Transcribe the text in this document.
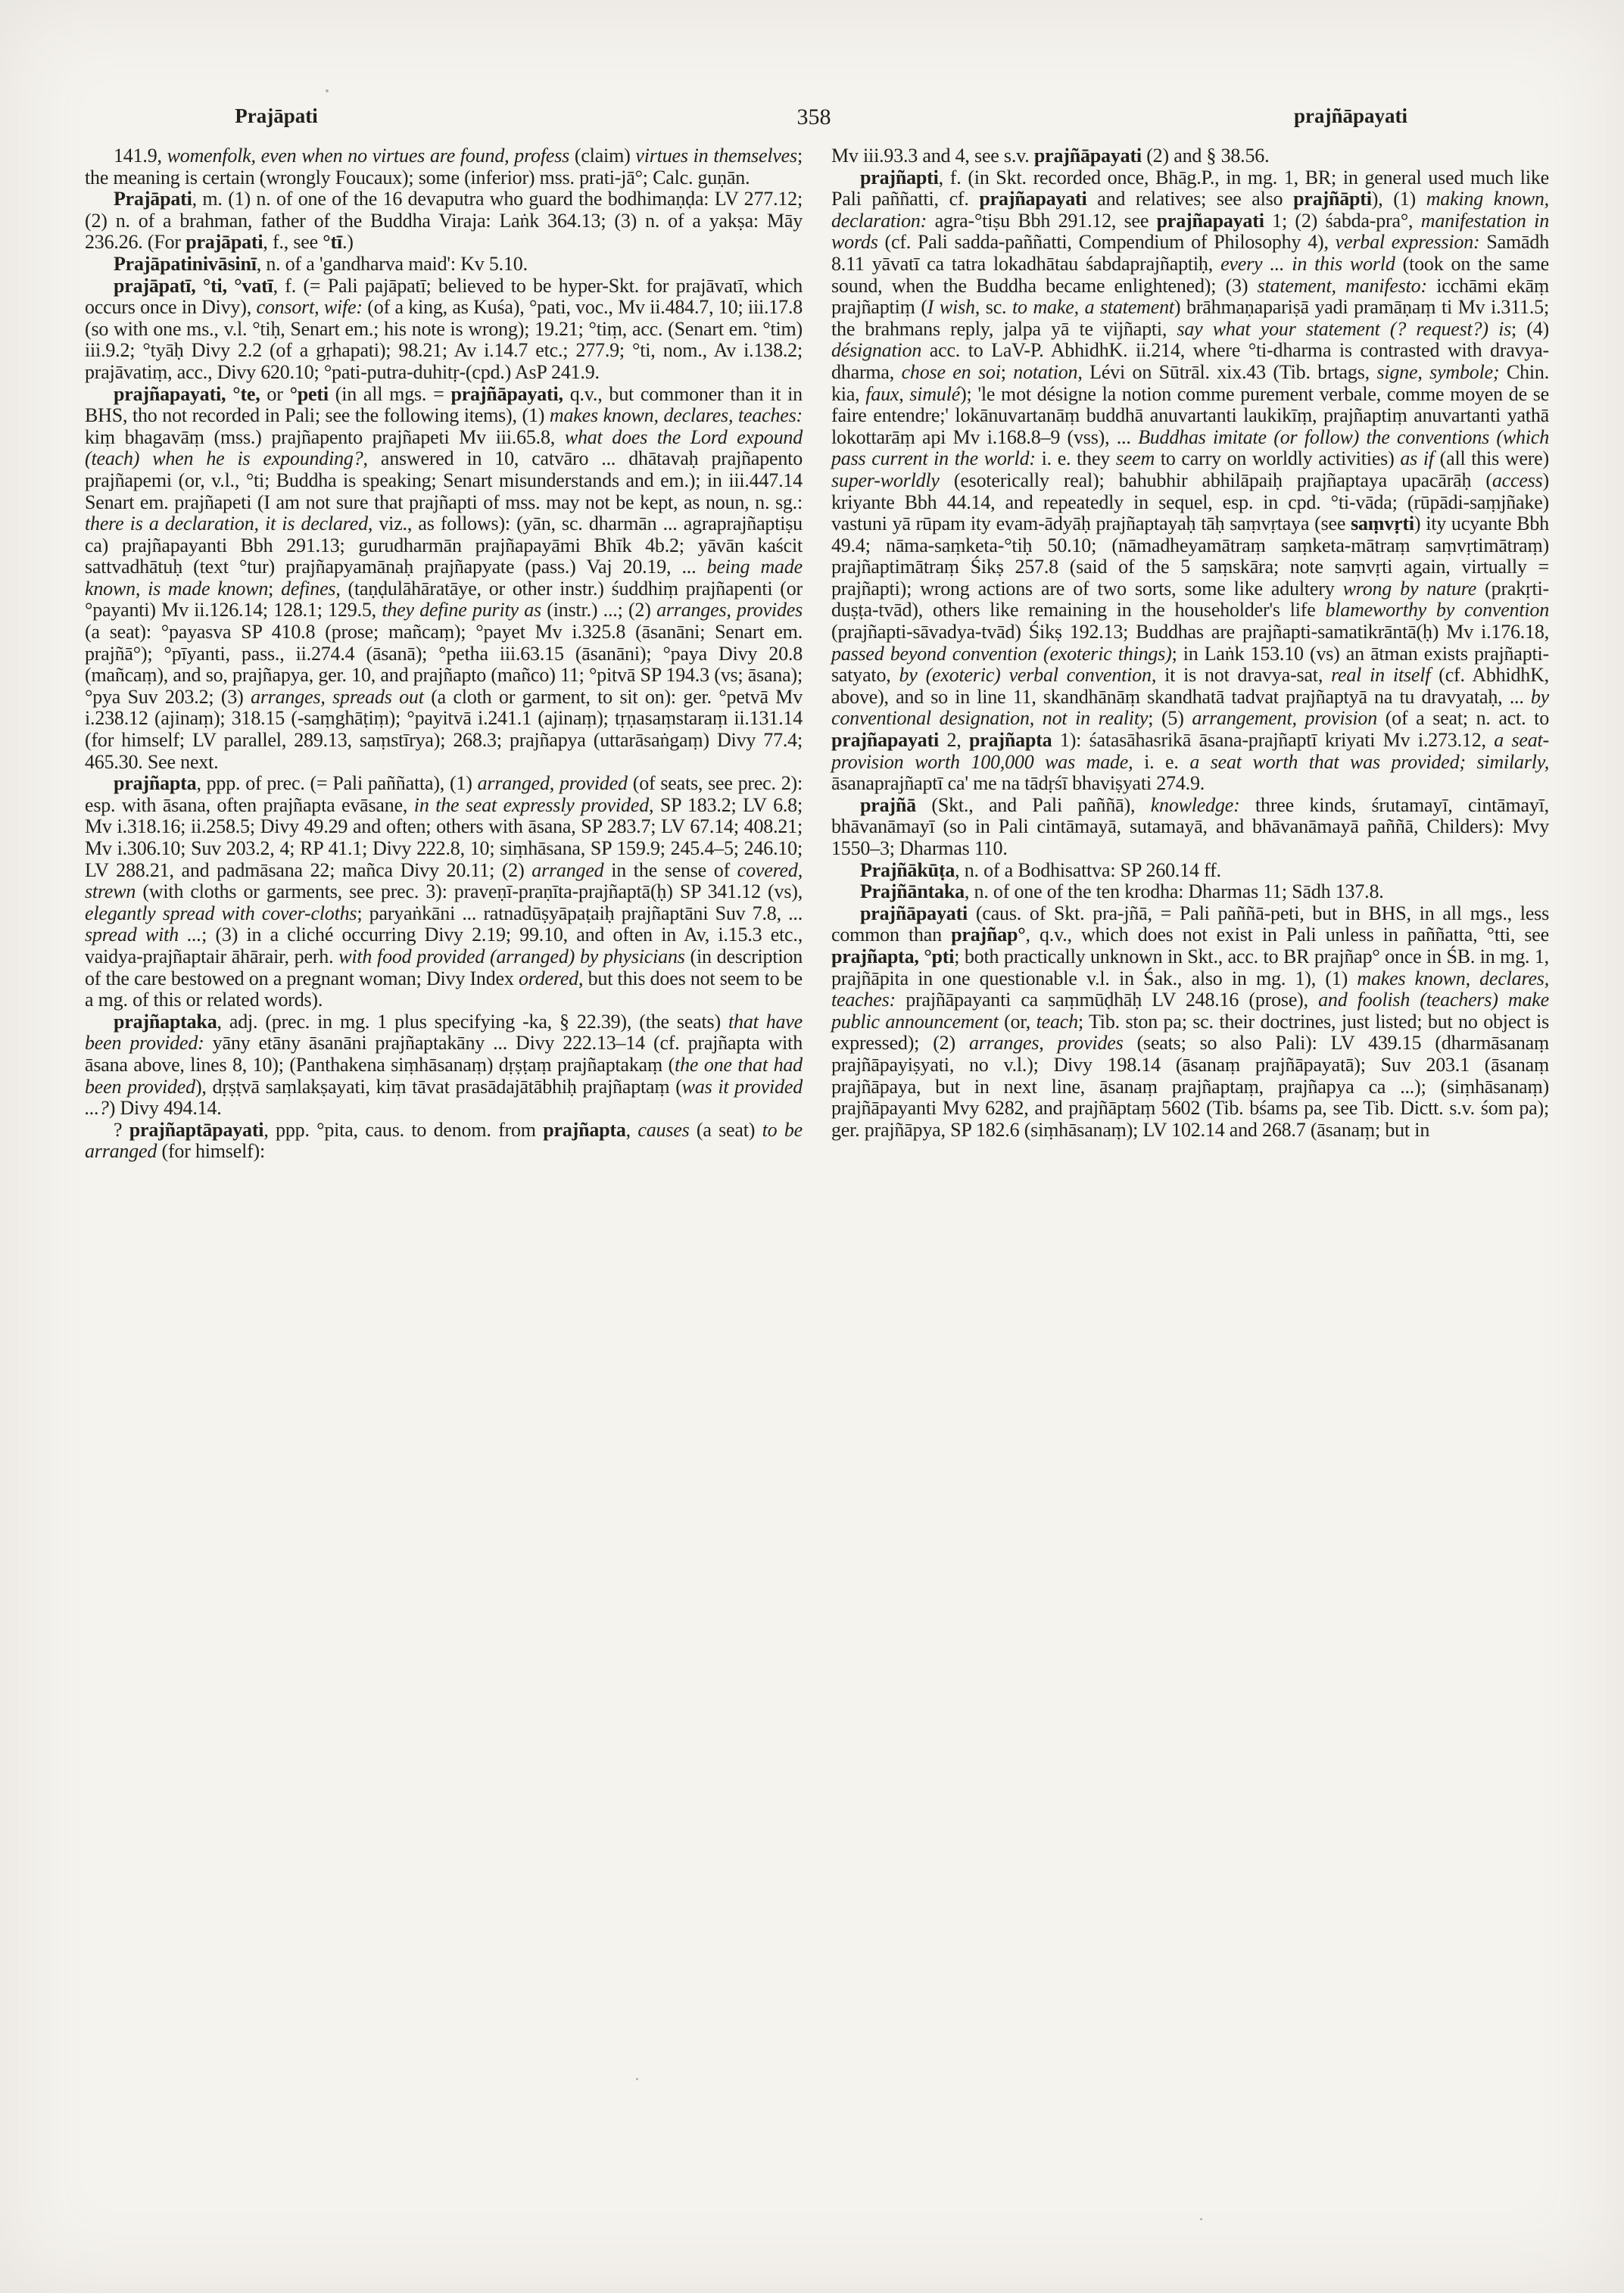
Prajāpati	358	prajñāpayati

141.9, womenfolk, even when no virtues are found, profess (claim) virtues in themselves; the meaning is certain (wrongly Foucaux); some (inferior) mss. prati-jā°; Calc. guṇān.

Prajāpati, m. (1) n. of one of the 16 devaputra who guard the bodhimaṇḍa: LV 277.12; (2) n. of a brahman, father of the Buddha Viraja: Laṅk 364.13; (3) n. of a yakṣa: Māy 236.26. (For prajāpati, f., see °tī.)

Prajāpatinivāsinī, n. of a 'gandharva maid': Kv 5.10.

prajāpatī, °ti, °vatī, f. (= Pali pajāpatī; believed to be hyper-Skt. for prajāvatī, which occurs once in Divy), consort, wife: (of a king, as Kuśa), °pati, voc., Mv ii.484.7, 10; iii.17.8 (so with one ms., v.l. °tiḥ, Senart em.; his note is wrong); 19.21; °tiṃ, acc. (Senart em. °tim) iii.9.2; °tyāḥ Divy 2.2 (of a gṛhapati); 98.21; Av i.14.7 etc.; 277.9; °ti, nom., Av i.138.2; prajāvatiṃ, acc., Divy 620.10; °pati-putra-duhitṛ-(cpd.) AsP 241.9.

prajñapayati, °te, or °peti (in all mgs. = prajñāpayati, q.v., but commoner than it in BHS, tho not recorded in Pali; see the following items), (1) makes known, declares, teaches: kiṃ bhagavāṃ (mss.) prajñapento prajñapeti Mv iii.65.8, what does the Lord expound (teach) when he is expounding?, answered in 10, catvāro ... dhātavaḥ prajñapento prajñapemi (or, v.l., °ti; Buddha is speaking; Senart misunderstands and em.); in iii.447.14 Senart em. prajñapeti (I am not sure that prajñapti of mss. may not be kept, as noun, n. sg.: there is a declaration, it is declared, viz., as follows): (yān, sc. dharmān ... agraprajñaptiṣu ca) prajñapayanti Bbh 291.13; gurudharmān prajñapayāmi Bhīk 4b.2; yāvān kaścit sattvadhātuḥ (text °tur) prajñapyamānaḥ prajñapyate (pass.) Vaj 20.19, ... being made known, is made known; defines, (taṇḍulāhāratāye, or other instr.) śuddhiṃ prajñapenti (or °payanti) Mv ii.126.14; 128.1; 129.5, they define purity as (instr.) ...; (2) arranges, provides (a seat): °payasva SP 410.8 (prose; mañcaṃ); °payet Mv i.325.8 (āsanāni; Senart em. prajñā°); °pīyanti, pass., ii.274.4 (āsanā); °petha iii.63.15 (āsanāni); °paya Divy 20.8 (mañcaṃ), and so, prajñapya, ger. 10, and prajñapto (mañco) 11; °pitvā SP 194.3 (vs; āsana); °pya Suv 203.2; (3) arranges, spreads out (a cloth or garment, to sit on): ger. °petvā Mv i.238.12 (ajinaṃ); 318.15 (-saṃghāṭiṃ); °payitvā i.241.1 (ajinaṃ); tṛṇasaṃstaraṃ ii.131.14 (for himself; LV parallel, 289.13, saṃstīrya); 268.3; prajñapya (uttarāsaṅgaṃ) Divy 77.4; 465.30. See next.

prajñapta, ppp. of prec. (= Pali paññatta), (1) arranged, provided (of seats, see prec. 2): esp. with āsana, often prajñapta evāsane, in the seat expressly provided, SP 183.2; LV 6.8; Mv i.318.16; ii.258.5; Divy 49.29 and often; others with āsana, SP 283.7; LV 67.14; 408.21; Mv i.306.10; Suv 203.2, 4; RP 41.1; Divy 222.8, 10; siṃhāsana, SP 159.9; 245.4–5; 246.10; LV 288.21, and padmāsana 22; mañca Divy 20.11; (2) arranged in the sense of covered, strewn (with cloths or garments, see prec. 3): praveṇī-praṇīta-prajñaptā(ḥ) SP 341.12 (vs), elegantly spread with cover-cloths; paryaṅkāni ... ratnadūṣyāpaṭaiḥ prajñaptāni Suv 7.8, ... spread with ...; (3) in a cliché occurring Divy 2.19; 99.10, and often in Av, i.15.3 etc., vaidya-prajñaptair āhārair, perh. with food provided (arranged) by physicians (in description of the care bestowed on a pregnant woman; Divy Index ordered, but this does not seem to be a mg. of this or related words).

prajñaptaka, adj. (prec. in mg. 1 plus specifying -ka, § 22.39), (the seats) that have been provided: yāny etāny āsanāni prajñaptakāny ... Divy 222.13–14 (cf. prajñapta with āsana above, lines 8, 10); (Panthakena siṃhāsanaṃ) dṛṣṭaṃ prajñaptakaṃ (the one that had been provided), dṛṣṭvā saṃlakṣayati, kiṃ tāvat prasādajātābhiḥ prajñaptaṃ (was it provided ...?) Divy 494.14.

? prajñaptāpayati, ppp. °pita, caus. to denom. from prajñapta, causes (a seat) to be arranged (for himself):

Mv iii.93.3 and 4, see s.v. prajñāpayati (2) and § 38.56.

prajñapti, f. (in Skt. recorded once, Bhāg.P., in mg. 1, BR; in general used much like Pali paññatti, cf. prajñapayati and relatives; see also prajñāpti), (1) making known, declaration: agra-°tiṣu Bbh 291.12, see prajñapayati 1; (2) śabda-pra°, manifestation in words (cf. Pali sadda-paññatti, Compendium of Philosophy 4), verbal expression: Samādh 8.11 yāvatī ca tatra lokadhātau śabdaprajñaptiḥ, every ... in this world (took on the same sound, when the Buddha became enlightened); (3) statement, manifesto: icchāmi ekāṃ prajñaptiṃ (I wish, sc. to make, a statement) brāhmaṇapariṣā yadi pramāṇaṃ ti Mv i.311.5; the brahmans reply, jalpa yā te vijñapti, say what your statement (? request?) is; (4) désignation acc. to LaV-P. AbhidhK. ii.214, where °ti-dharma is contrasted with dravya-dharma, chose en soi; notation, Lévi on Sūtrāl. xix.43 (Tib. brtags, signe, symbole; Chin. kia, faux, simulé); 'le mot désigne la notion comme purement verbale, comme moyen de se faire entendre;' lokānuvartanāṃ buddhā anuvartanti laukikīṃ, prajñaptiṃ anuvartanti yathā lokottarāṃ api Mv i.168.8–9 (vss), ... Buddhas imitate (or follow) the conventions (which pass current in the world: i. e. they seem to carry on worldly activities) as if (all this were) super-worldly (esoterically real); bahubhir abhilāpaiḥ prajñaptaya upacārāḥ (access) kriyante Bbh 44.14, and repeatedly in sequel, esp. in cpd. °ti-vāda; (rūpādi-saṃjñake) vastuni yā rūpam ity evam-ādyāḥ prajñaptayaḥ tāḥ saṃvṛtaya (see saṃvṛti) ity ucyante Bbh 49.4; nāma-saṃketa-°tiḥ 50.10; (nāmadheyamātraṃ saṃketa-mātraṃ saṃvṛtimātraṃ) prajñaptimātraṃ Śikṣ 257.8 (said of the 5 saṃskāra; note saṃvṛti again, virtually = prajñapti); wrong actions are of two sorts, some like adultery wrong by nature (prakṛti-duṣṭa-tvād), others like remaining in the householder's life blameworthy by convention (prajñapti-sāvadya-tvād) Śikṣ 192.13; Buddhas are prajñapti-samatikrāntā(ḥ) Mv i.176.18, passed beyond convention (exoteric things); in Laṅk 153.10 (vs) an ātman exists prajñapti-satyato, by (exoteric) verbal convention, it is not dravya-sat, real in itself (cf. AbhidhK, above), and so in line 11, skandhānāṃ skandhatā tadvat prajñaptyā na tu dravyataḥ, ... by conventional designation, not in reality; (5) arrangement, provision (of a seat; n. act. to prajñapayati 2, prajñapta 1): śatasāhasrikā āsana-prajñaptī kriyati Mv i.273.12, a seat-provision worth 100,000 was made, i. e. a seat worth that was provided; similarly, āsanaprajñaptī ca' me na tādṛśī bhaviṣyati 274.9.

prajñā (Skt., and Pali paññā), knowledge: three kinds, śrutamayī, cintāmayī, bhāvanāmayī (so in Pali cintāmayā, sutamayā, and bhāvanāmayā paññā, Childers): Mvy 1550–3; Dharmas 110.

Prajñākūṭa, n. of a Bodhisattva: SP 260.14 ff.

Prajñāntaka, n. of one of the ten krodha: Dharmas 11; Sādh 137.8.

prajñāpayati (caus. of Skt. pra-jñā, = Pali paññā-peti, but in BHS, in all mgs., less common than prajñap°, q.v., which does not exist in Pali unless in paññatta, °tti, see prajñapta, °pti; both practically unknown in Skt., acc. to BR prajñap° once in ŚB. in mg. 1, prajñāpita in one questionable v.l. in Śak., also in mg. 1), (1) makes known, declares, teaches: prajñāpayanti ca saṃmūḍhāḥ LV 248.16 (prose), and foolish (teachers) make public announcement (or, teach; Tib. ston pa; sc. their doctrines, just listed; but no object is expressed); (2) arranges, provides (seats; so also Pali): LV 439.15 (dharmāsanaṃ prajñāpayiṣyati, no v.l.); Divy 198.14 (āsanaṃ prajñāpayatā); Suv 203.1 (āsanaṃ prajñāpaya, but in next line, āsanaṃ prajñaptaṃ, prajñapya ca ...); (siṃhāsanaṃ) prajñāpayanti Mvy 6282, and prajñāptaṃ 5602 (Tib. bśams pa, see Tib. Dictt. s.v. śom pa); ger. prajñāpya, SP 182.6 (siṃhāsanaṃ); LV 102.14 and 268.7 (āsanaṃ; but in
